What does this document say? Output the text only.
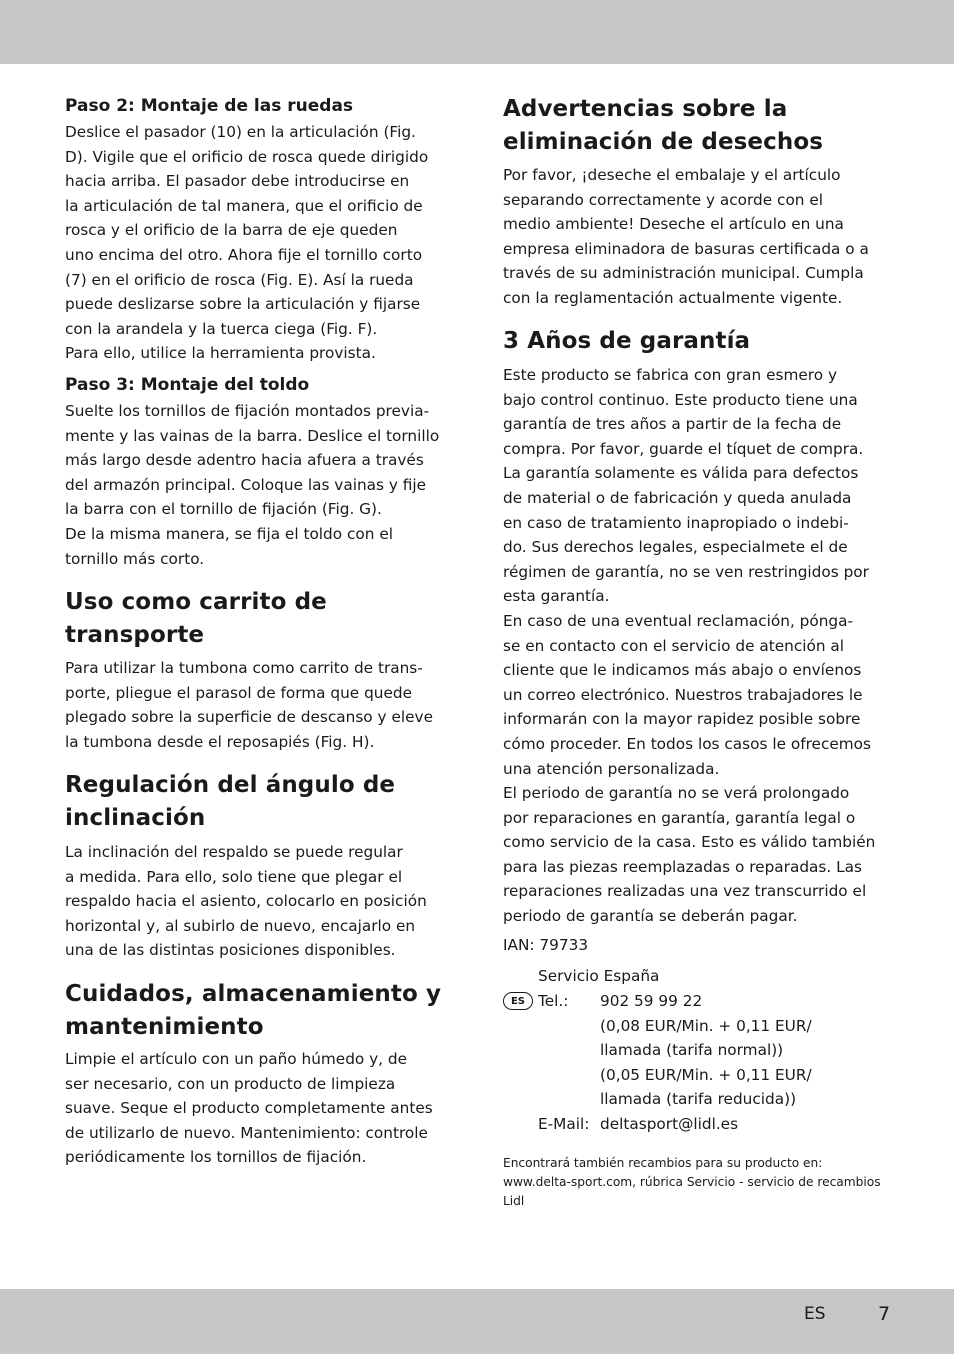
Paso 2: Montaje de las ruedas
Deslice el pasador (10) en la articulación (Fig.
D). Vigile que el orificio de rosca quede dirigido
hacia arriba. El pasador debe introducirse en
la articulación de tal manera, que el orificio de
rosca y el orificio de la barra de eje queden
uno encima del otro. Ahora fije el tornillo corto
(7) en el orificio de rosca (Fig. E). Así la rueda
puede deslizarse sobre la articulación y fijarse
con la arandela y la tuerca ciega (Fig. F).
Para ello, utilice la herramienta provista.
Paso 3: Montaje del toldo
Suelte los tornillos de fijación montados previa-
mente y las vainas de la barra. Deslice el tornillo
más largo desde adentro hacia afuera a través
del armazón principal. Coloque las vainas y fije
la barra con el tornillo de fijación (Fig. G).
De la misma manera, se fija el toldo con el
tornillo más corto.
Uso como carrito de
transporte
Para utilizar la tumbona como carrito de trans-
porte, pliegue el parasol de forma que quede
plegado sobre la superficie de descanso y eleve
la tumbona desde el reposapiés (Fig. H).
Regulación del ángulo de
inclinación
La inclinación del respaldo se puede regular
a medida. Para ello, solo tiene que plegar el
respaldo hacia el asiento, colocarlo en posición
horizontal y, al subirlo de nuevo, encajarlo en
una de las distintas posiciones disponibles.
Cuidados, almacenamiento y
mantenimiento
Limpie el artículo con un paño húmedo y, de
ser necesario, con un producto de limpieza
suave. Seque el producto completamente antes
de utilizarlo de nuevo. Mantenimiento: controle
periódicamente los tornillos de fijación.
Advertencias sobre la
eliminación de desechos
Por favor, ¡deseche el embalaje y el artículo
separando correctamente y acorde con el
medio ambiente! Deseche el artículo en una
empresa eliminadora de basuras certificada o a
través de su administración municipal. Cumpla
con la reglamentación actualmente vigente.
3 Años de garantía
Este producto se fabrica con gran esmero y
bajo control continuo. Este producto tiene una
garantía de tres años a partir de la fecha de
compra. Por favor, guarde el tíquet de compra.
La garantía solamente es válida para defectos
de material o de fabricación y queda anulada
en caso de tratamiento inapropiado o indebi-
do. Sus derechos legales, especialmete el de
régimen de garantía, no se ven restringidos por
esta garantía.
En caso de una eventual reclamación, pónga-
se en contacto con el servicio de atención al
cliente que le indicamos más abajo o envíenos
un correo electrónico. Nuestros trabajadores le
informarán con la mayor rapidez posible sobre
cómo proceder. En todos los casos le ofrecemos
una atención personalizada.
El periodo de garantía no se verá prolongado
por reparaciones en garantía, garantía legal o
como servicio de la casa. Esto es válido también
para las piezas reemplazadas o reparadas. Las
reparaciones realizadas una vez transcurrido el
periodo de garantía se deberán pagar.
IAN: 79733

ES

Servicio España
Tel.: 902 59 99 22
(0,08 EUR/Min. + 0,11 EUR/
llamada (tarifa normal))
(0,05 EUR/Min. + 0,11 EUR/
llamada (tarifa reducida))
E-Mail: deltasport@lidl.es
Encontrará también recambios para su producto en:
www.delta-sport.com, rúbrica Servicio - servicio de recambios
Lidl
ES	7
